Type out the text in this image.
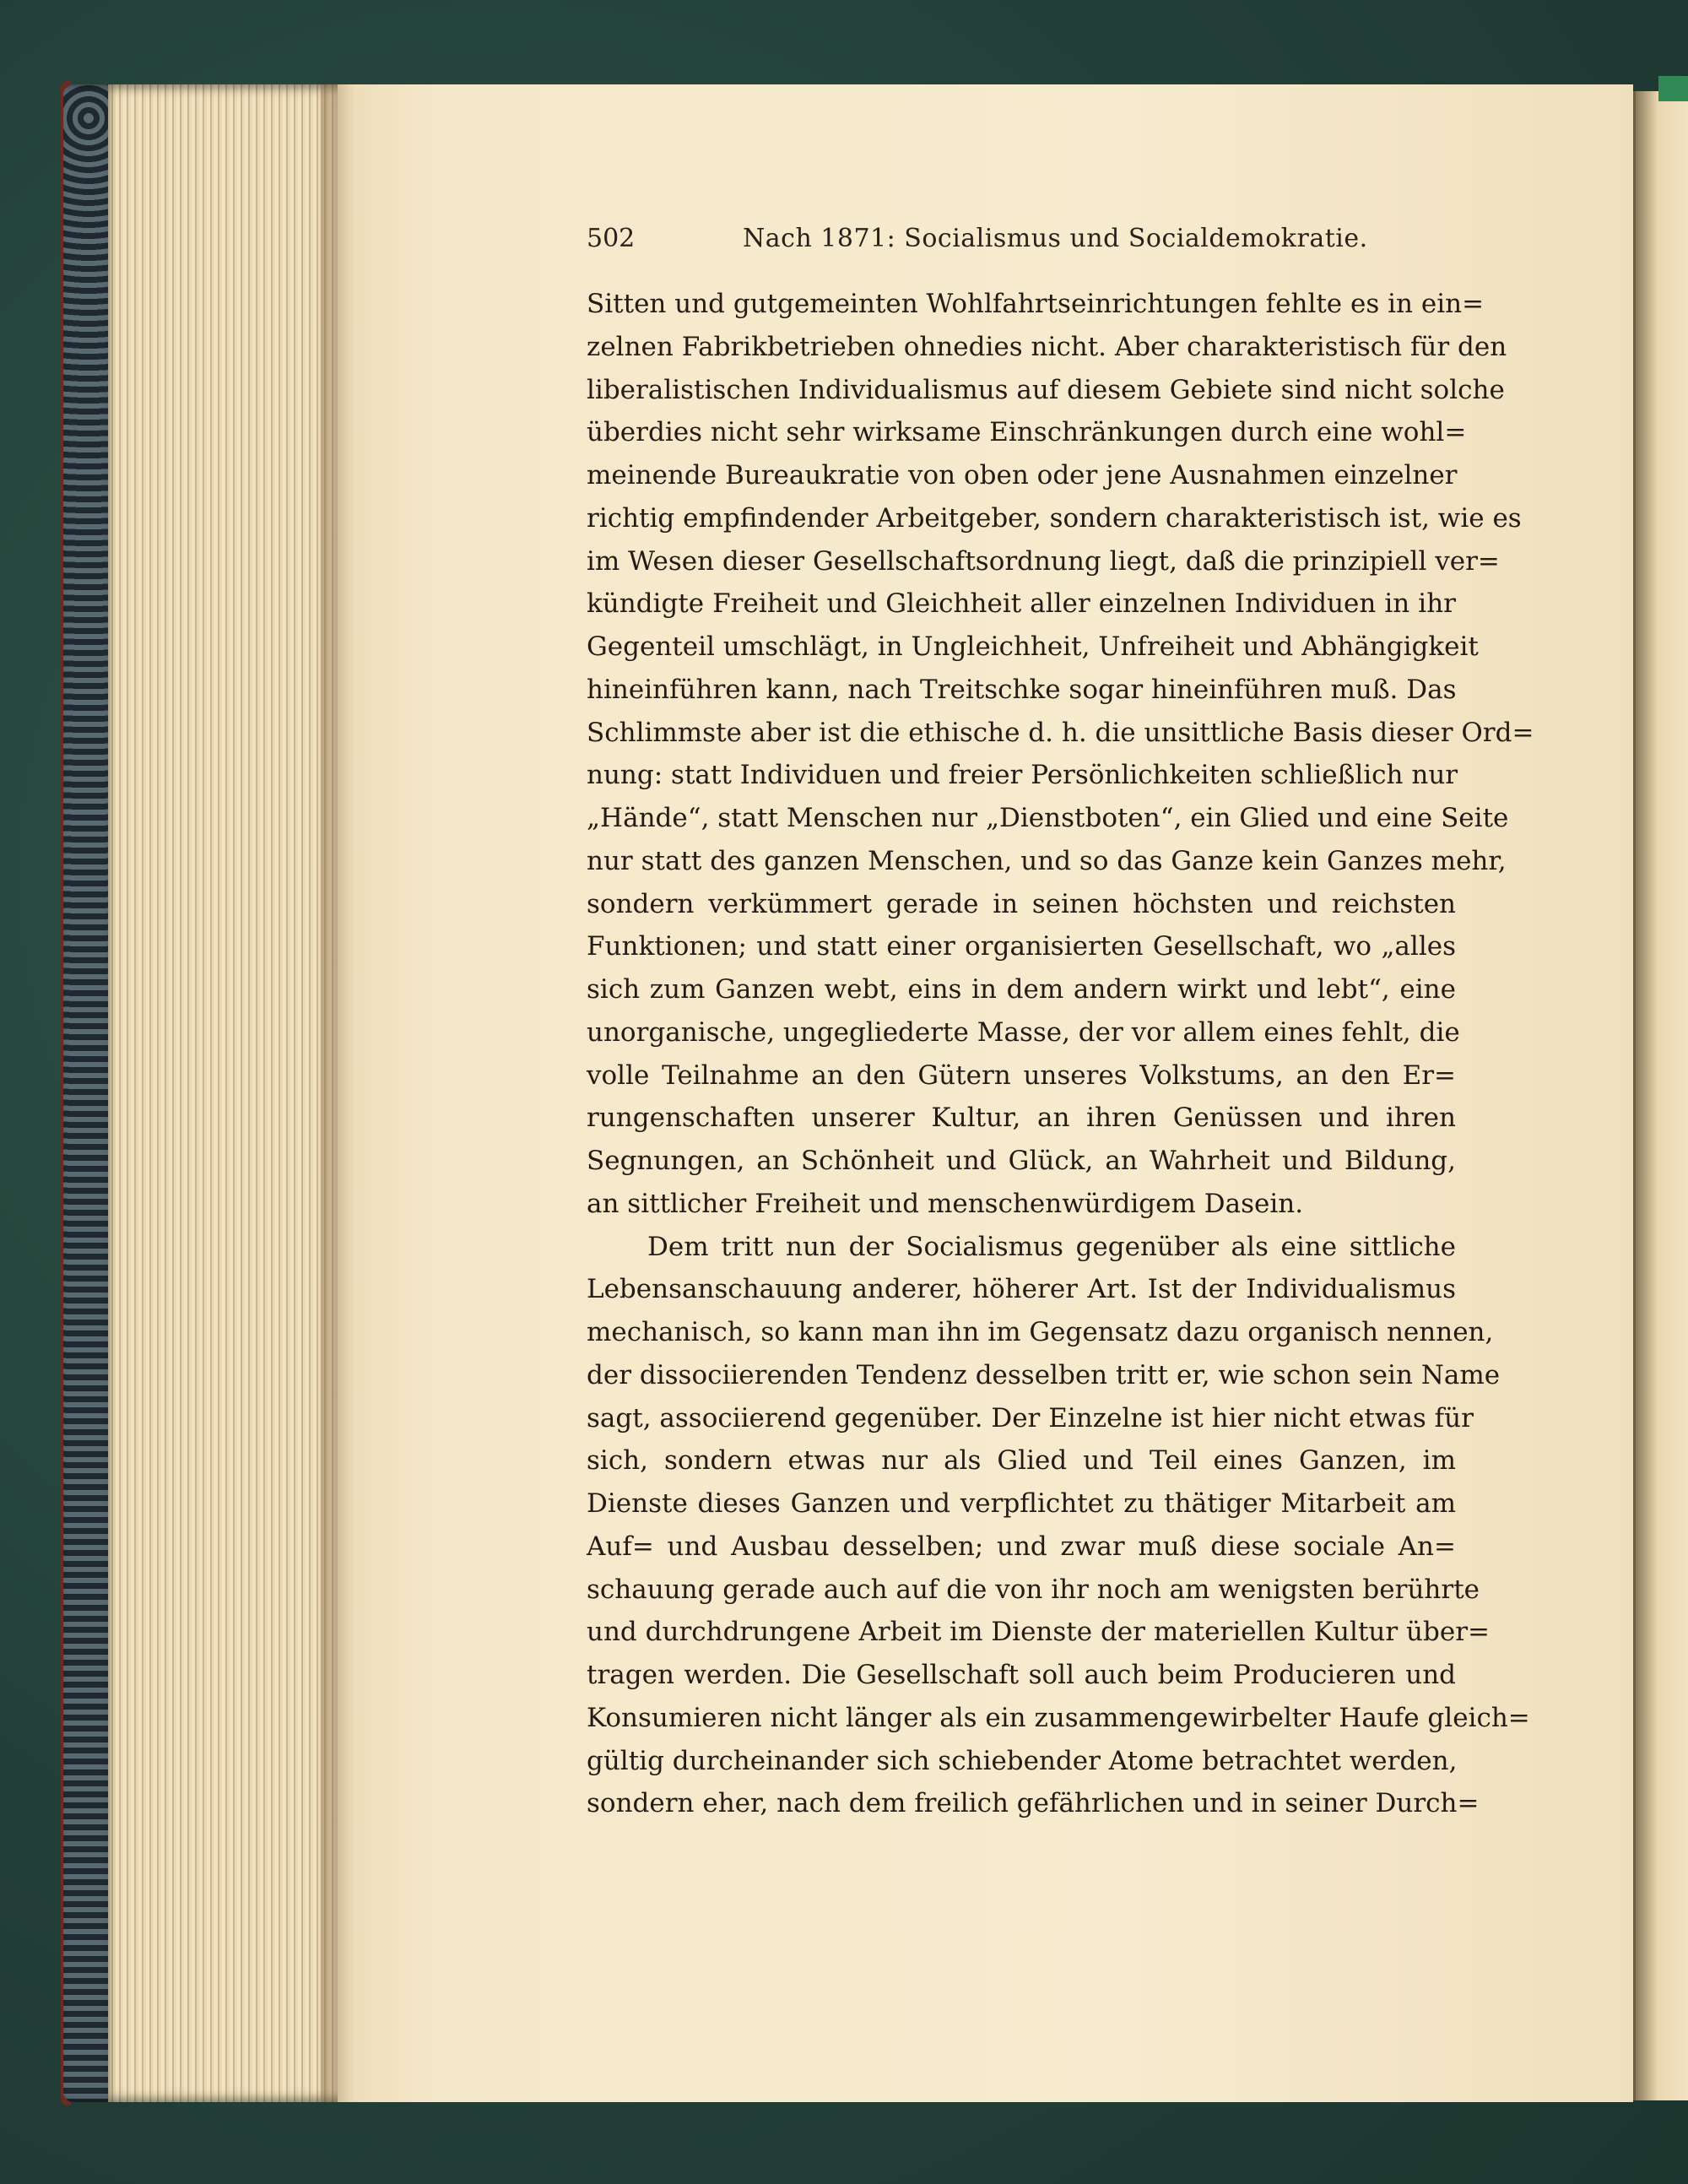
502	Nach 1871: Socialismus und Socialdemokratie.
Sitten und gutgemeinten Wohlfahrtseinrichtungen fehlte es in ein=
zelnen Fabrikbetrieben ohnedies nicht. Aber charakteristisch für den
liberalistischen Individualismus auf diesem Gebiete sind nicht solche
überdies nicht sehr wirksame Einschränkungen durch eine wohl=
meinende Bureaukratie von oben oder jene Ausnahmen einzelner
richtig empfindender Arbeitgeber, sondern charakteristisch ist, wie es
im Wesen dieser Gesellschaftsordnung liegt, daß die prinzipiell ver=
kündigte Freiheit und Gleichheit aller einzelnen Individuen in ihr
Gegenteil umschlägt, in Ungleichheit, Unfreiheit und Abhängigkeit
hineinführen kann, nach Treitschke sogar hineinführen muß. Das
Schlimmste aber ist die ethische d. h. die unsittliche Basis dieser Ord=
nung: statt Individuen und freier Persönlichkeiten schließlich nur
„Hände“, statt Menschen nur „Dienstboten“, ein Glied und eine Seite
nur statt des ganzen Menschen, und so das Ganze kein Ganzes mehr,
sondern verkümmert gerade in seinen höchsten und reichsten
Funktionen; und statt einer organisierten Gesellschaft, wo „alles
sich zum Ganzen webt, eins in dem andern wirkt und lebt“, eine
unorganische, ungegliederte Masse, der vor allem eines fehlt, die
volle Teilnahme an den Gütern unseres Volkstums, an den Er=
rungenschaften unserer Kultur, an ihren Genüssen und ihren
Segnungen, an Schönheit und Glück, an Wahrheit und Bildung,
an sittlicher Freiheit und menschenwürdigem Dasein.
Dem tritt nun der Socialismus gegenüber als eine sittliche
Lebensanschauung anderer, höherer Art. Ist der Individualismus
mechanisch, so kann man ihn im Gegensatz dazu organisch nennen,
der dissociierenden Tendenz desselben tritt er, wie schon sein Name
sagt, associierend gegenüber. Der Einzelne ist hier nicht etwas für
sich, sondern etwas nur als Glied und Teil eines Ganzen, im
Dienste dieses Ganzen und verpflichtet zu thätiger Mitarbeit am
Auf= und Ausbau desselben; und zwar muß diese sociale An=
schauung gerade auch auf die von ihr noch am wenigsten berührte
und durchdrungene Arbeit im Dienste der materiellen Kultur über=
tragen werden. Die Gesellschaft soll auch beim Producieren und
Konsumieren nicht länger als ein zusammengewirbelter Haufe gleich=
gültig durcheinander sich schiebender Atome betrachtet werden,
sondern eher, nach dem freilich gefährlichen und in seiner Durch=
